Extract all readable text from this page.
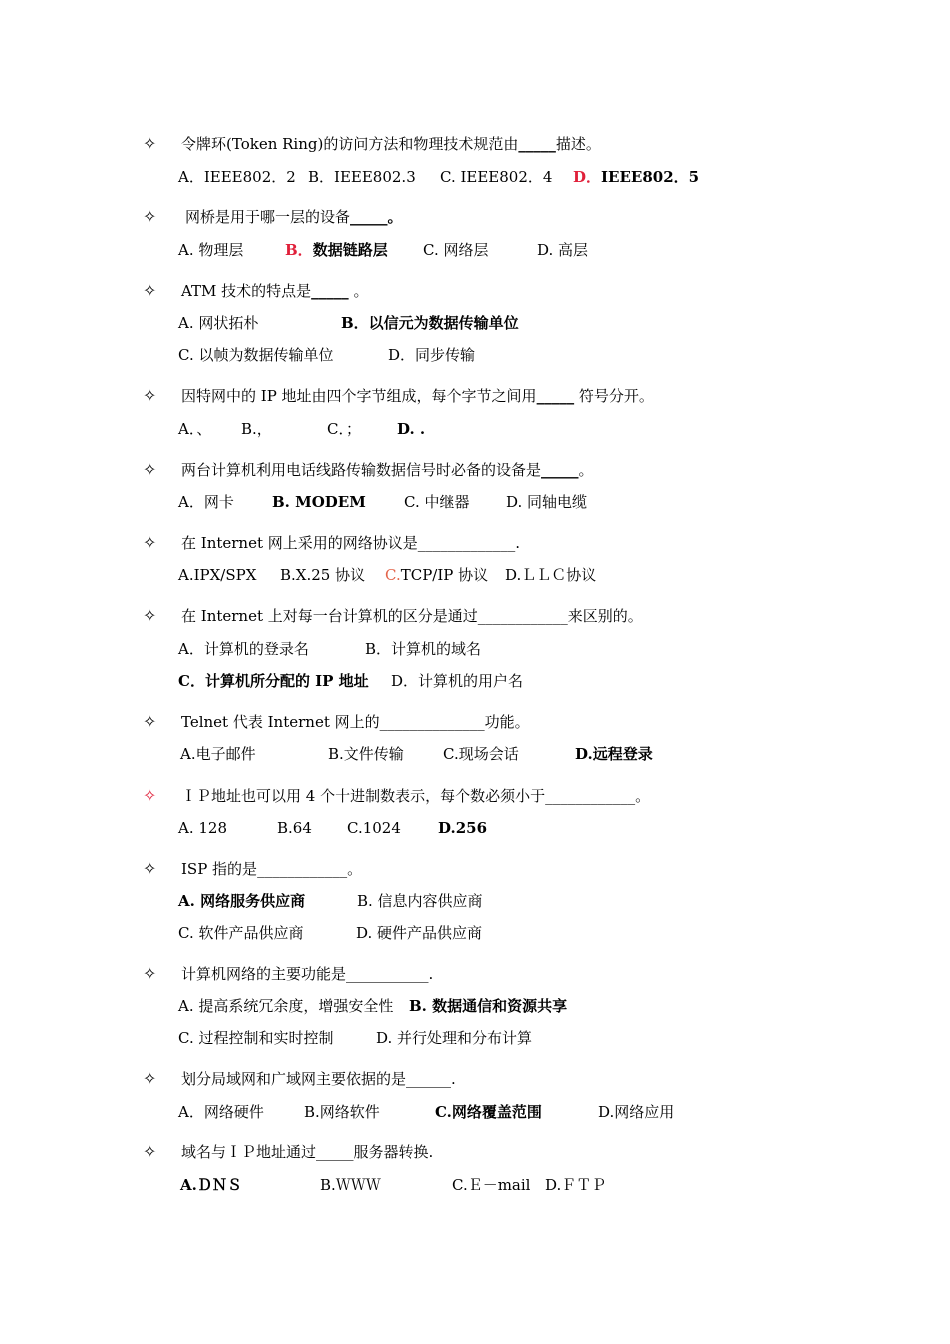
✧ 令牌环(Token Ring)的访问方法和物理技术规范由_____描述。
A．IEEE802．2 B．IEEE802.3 C. IEEE802．4 D．IEEE802．5
✧ 网桥是用于哪一层的设备_____。
A. 物理层	B．数据链路层 C. 网络层	D. 高层
✧ ATM 技术的特点是_____ 。
A. 网状拓朴	B．以信元为数据传输单位
C. 以帧为数据传输单位	D．同步传输
✧ 因特网中的 IP 地址由四个字节组成，每个字节之间用_____ 符号分开。
A．、 B.，	C．； D. .
✧ 两台计算机利用电话线路传输数据信号时必备的设备是_____。
A．网卡	B. MODEM	C. 中继器 D. 同轴电缆
✧ 在 Internet 网上采用的网络协议是_____________.
A.IPX/SPX B.X.25 协议 C.TCP/IP 协议 D.ＬＬＣ协议
✧ 在 Internet 上对每一台计算机的区分是通过____________来区别的。
A．计算机的登录名	B．计算机的域名
C．计算机所分配的 IP 地址 D．计算机的用户名
✧ Telnet 代表 Internet 网上的______________功能。
A.电子邮件	B.文件传输	C.现场会话	D.远程登录
✧ ＩＰ地址也可以用 4 个十进制数表示，每个数必须小于____________。
A. 128	B.64 C.1024 D.256
✧ ISP 指的是____________。
A. 网络服务供应商	B. 信息内容供应商
C. 软件产品供应商	D. 硬件产品供应商
✧ 计算机网络的主要功能是___________.
A. 提高系统冗余度，增强安全性 B. 数据通信和资源共享
C. 过程控制和实时控制	D. 并行处理和分布计算
✧ 划分局域网和广域网主要依据的是______.
A．网络硬件	B.网络软件	C.网络覆盖范围	D.网络应用
✧ 域名与ＩＰ地址通过_____服务器转换.
A.ＤＮＳ	B.ＷＷＷ	C.Ｅ－mail D.ＦＴＰ
